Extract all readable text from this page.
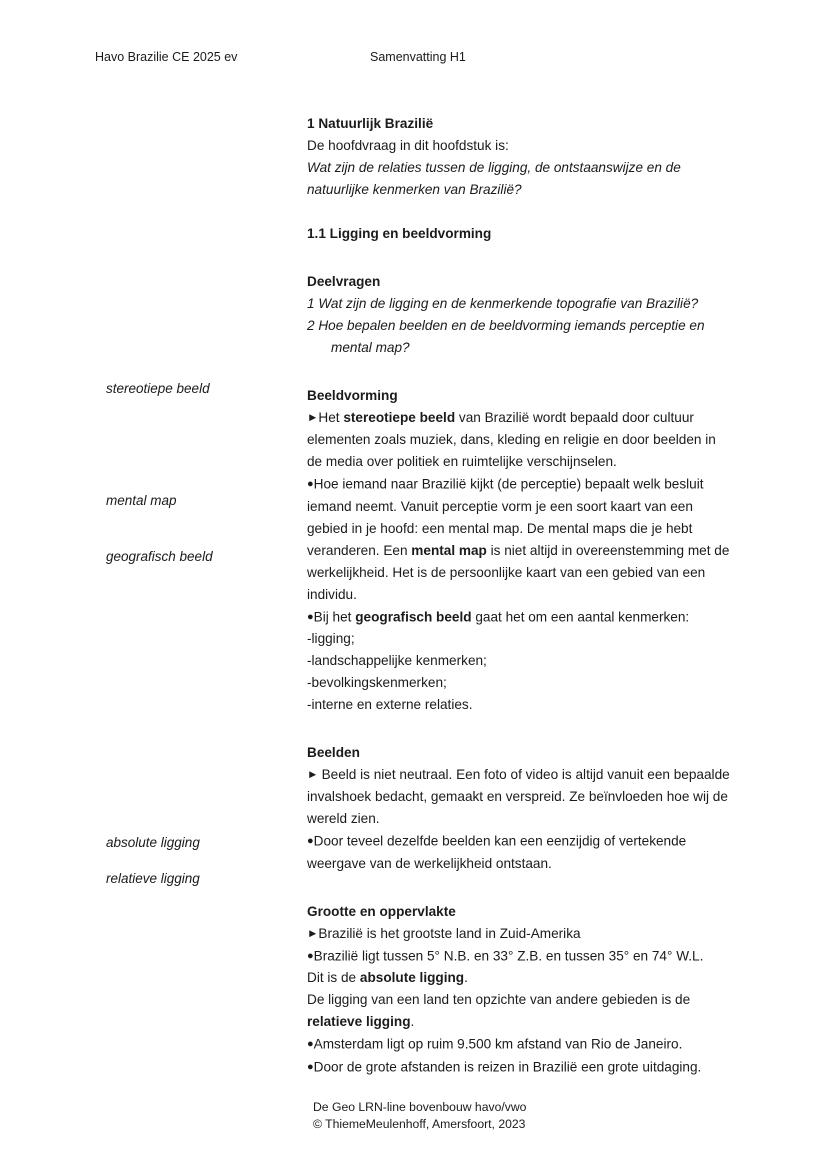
Havo Brazilie CE 2025 ev	Samenvatting H1
stereotiepe beeld
mental map
geografisch beeld
absolute ligging
relatieve ligging
1 Natuurlijk Brazilië
De hoofdvraag in dit hoofdstuk is:
Wat zijn de relaties tussen de ligging, de ontstaanswijze en de
natuurlijke kenmerken van Brazilië?
1.1 Ligging en beeldvorming
Deelvragen
1 Wat zijn de ligging en de kenmerkende topografie van Brazilië?
2 Hoe bepalen beelden en de beeldvorming iemands perceptie en
mental map?
Beeldvorming

►Het stereotiepe beeld van Brazilië wordt bepaald door cultuur elementen zoals muziek, dans, kleding en religie en door beelden in de media over politiek en ruimtelijke verschijnselen.

●Hoe iemand naar Brazilië kijkt (de perceptie) bepaalt welk besluit iemand neemt. Vanuit perceptie vorm je een soort kaart van een gebied in je hoofd: een mental map. De mental maps die je hebt veranderen. Een mental map is niet altijd in overeenstemming met de werkelijkheid. Het is de persoonlijke kaart van een gebied van een individu.

●Bij het geografisch beeld gaat het om een aantal kenmerken:

-ligging;
-landschappelijke kenmerken;
-bevolkingskenmerken;
-interne en externe relaties.
Beelden

► Beeld is niet neutraal. Een foto of video is altijd vanuit een bepaalde invalshoek bedacht, gemaakt en verspreid. Ze beïnvloeden hoe wij de wereld zien.

●Door teveel dezelfde beelden kan een eenzijdig of vertekende weergave van de werkelijkheid ontstaan.

Grootte en oppervlakte

►Brazilië is het grootste land in Zuid-Amerika

●Brazilië ligt tussen 5° N.B. en 33° Z.B. en tussen 35° en 74° W.L.

Dit is de absolute ligging.

De ligging van een land ten opzichte van andere gebieden is de relatieve ligging.

●Amsterdam ligt op ruim 9.500 km afstand van Rio de Janeiro.

●Door de grote afstanden is reizen in Brazilië een grote uitdaging.

De Geo LRN-line bovenbouw havo/vwo
© ThiemeMeulenhoff, Amersfoort, 2023
